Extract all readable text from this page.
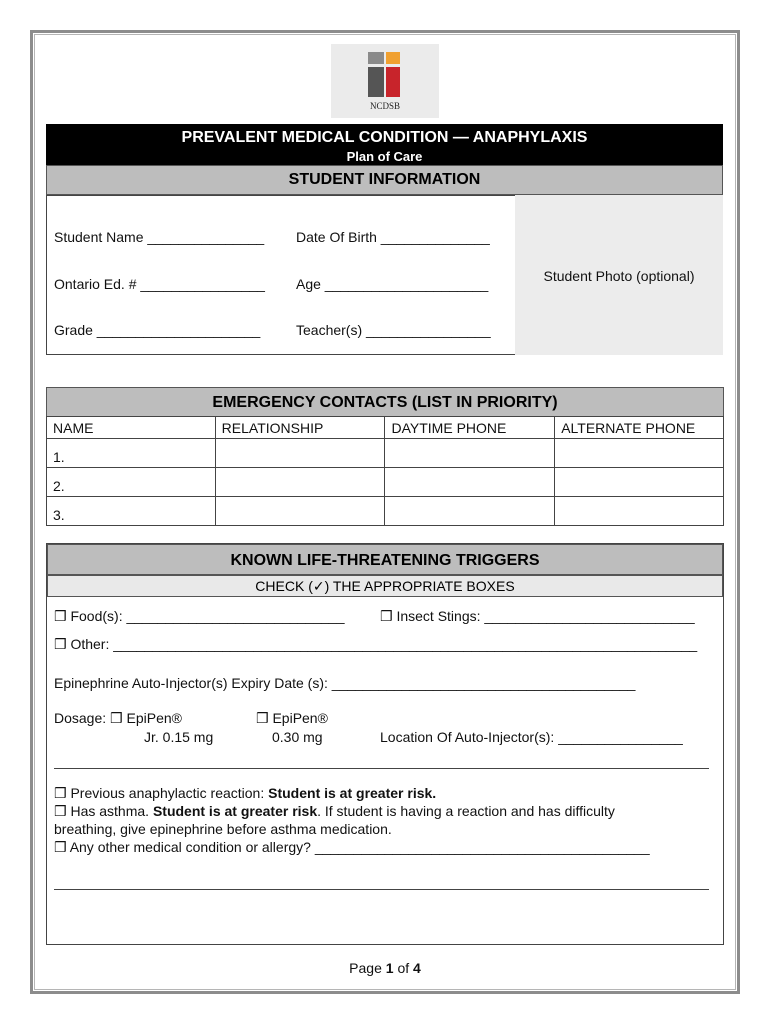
NCDSB
PREVALENT MEDICAL CONDITION — ANAPHYLAXIS
Plan of Care
STUDENT INFORMATION
Student Photo (optional)
Student Name _______________ Date Of Birth ______________
Ontario Ed. # ________________ Age _____________________
Grade _____________________	Teacher(s) ________________
EMERGENCY CONTACTS (LIST IN PRIORITY)
NAME	RELATIONSHIP	DAYTIME PHONE	ALTERNATE PHONE
1.			
2.			
3.			
KNOWN LIFE-THREATENING TRIGGERS
CHECK (✓) THE APPROPRIATE BOXES
❒ Food(s): ____________________________	❒ Insect Stings: ___________________________
❒ Other: ___________________________________________________________________________
Epinephrine Auto-Injector(s) Expiry Date (s): _______________________________________
Dosage: ❒ EpiPen®
Jr. 0.15 mg
❒ EpiPen®
0.30 mg	Location Of Auto-Injector(s): ________________
❒ Previous anaphylactic reaction: Student is at greater risk.
❒ Has asthma. Student is at greater risk. If student is having a reaction and has difficulty
breathing, give epinephrine before asthma medication.
❒ Any other medical condition or allergy? ___________________________________________
Page 1 of 4
